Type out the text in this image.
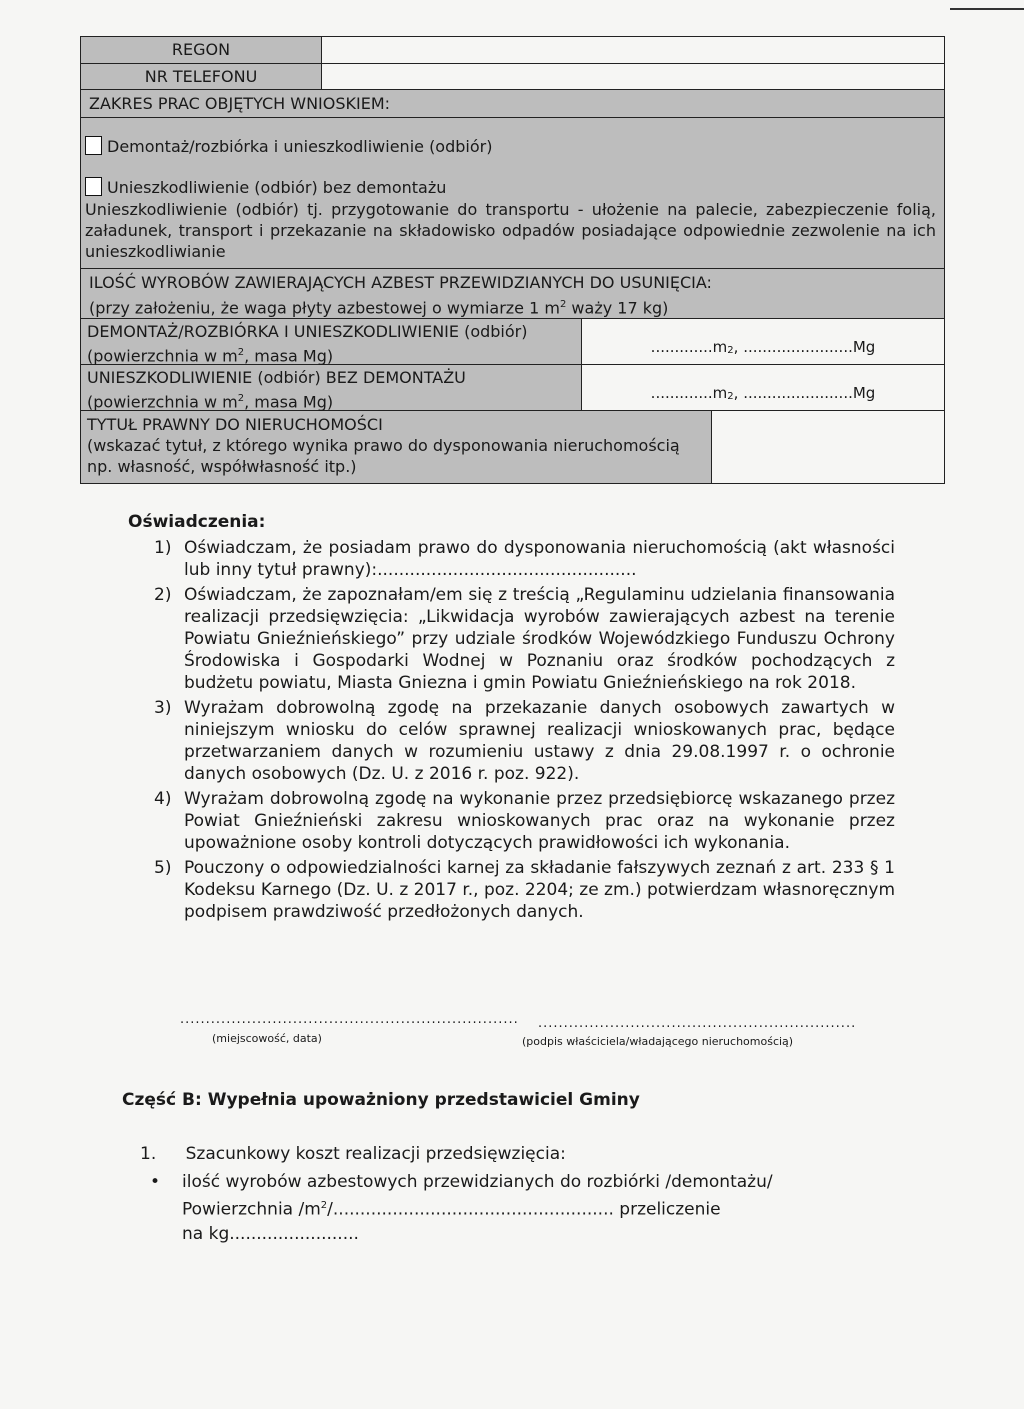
REGON
NR TELEFONU
ZAKRES PRAC OBJĘTYCH WNIOSKIEM:
Demontaż/rozbiórka i unieszkodliwienie (odbiór)
Unieszkodliwienie (odbiór) bez demontażu
Unieszkodliwienie (odbiór) tj. przygotowanie do transportu - ułożenie na palecie, zabezpieczenie folią, załadunek, transport i przekazanie na składowisko odpadów posiadające odpowiednie zezwolenie na ich unieszkodliwianie
ILOŚĆ WYROBÓW ZAWIERAJĄCYCH AZBEST PRZEWIDZIANYCH DO USUNIĘCIA:
(przy założeniu, że waga płyty azbestowej o wymiarze 1 $m^2$ waży 17 kg)
DEMONTAŻ/ROZBIÓRKA I UNIESZKODLIWIENIE (odbiór)
(powierzchnia w $m^2$, masa Mg)	$.............m_2$ , .......................Mg
UNIESZKODLIWIENIE (odbiór) BEZ DEMONTAŻU
(powierzchnia w $m^2$, masa Mg)	$.............m_2$ , .......................Mg
TYTUŁ PRAWNY DO NIERUCHOMOŚCI
(wskazać tytuł, z którego wynika prawo do dysponowania nieruchomością np. własność, współwłasność itp.)
Oświadczenia:
1) Oświadczam, że posiadam prawo do dysponowania nieruchomością (akt własności lub inny tytuł prawny):................................................
2) Oświadczam, że zapoznałam/em się z treścią „Regulaminu udzielania finansowania realizacji przedsięwzięcia: „Likwidacja wyrobów zawierających azbest na terenie Powiatu Gnieźnieńskiego” przy udziale środków Wojewódzkiego Funduszu Ochrony Środowiska i Gospodarki Wodnej w Poznaniu oraz środków pochodzących z budżetu powiatu, Miasta Gniezna i gmin Powiatu Gnieźnieńskiego na rok 2018.
3) Wyrażam dobrowolną zgodę na przekazanie danych osobowych zawartych w niniejszym wniosku do celów sprawnej realizacji wnioskowanych prac, będące przetwarzaniem danych w rozumieniu ustawy z dnia 29.08.1997 r. o ochronie danych osobowych (Dz. U. z 2016 r. poz. 922).
4) Wyrażam dobrowolną zgodę na wykonanie przez przedsiębiorcę wskazanego przez Powiat Gnieźnieński zakresu wnioskowanych prac oraz na wykonanie przez upoważnione osoby kontroli dotyczących prawidłowości ich wykonania.
5) Pouczony o odpowiedzialności karnej za składanie fałszywych zeznań z art. 233 § 1 Kodeksu Karnego (Dz. U. z 2017 r., poz. 2204; ze zm.) potwierdzam własnoręcznym podpisem prawdziwość przedłożonych danych.
..................................................................
(miejscowość, data)
..............................................................
(podpis właściciela/władającego nieruchomością)
Część B: Wypełnia upoważniony przedstawiciel Gminy
1. Szacunkowy koszt realizacji przedsięwzięcia:
• ilość wyrobów azbestowych przewidzianych do rozbiórki /demontażu/
Powierzchnia $/m^2/$.................................................... przeliczenie
na kg........................
